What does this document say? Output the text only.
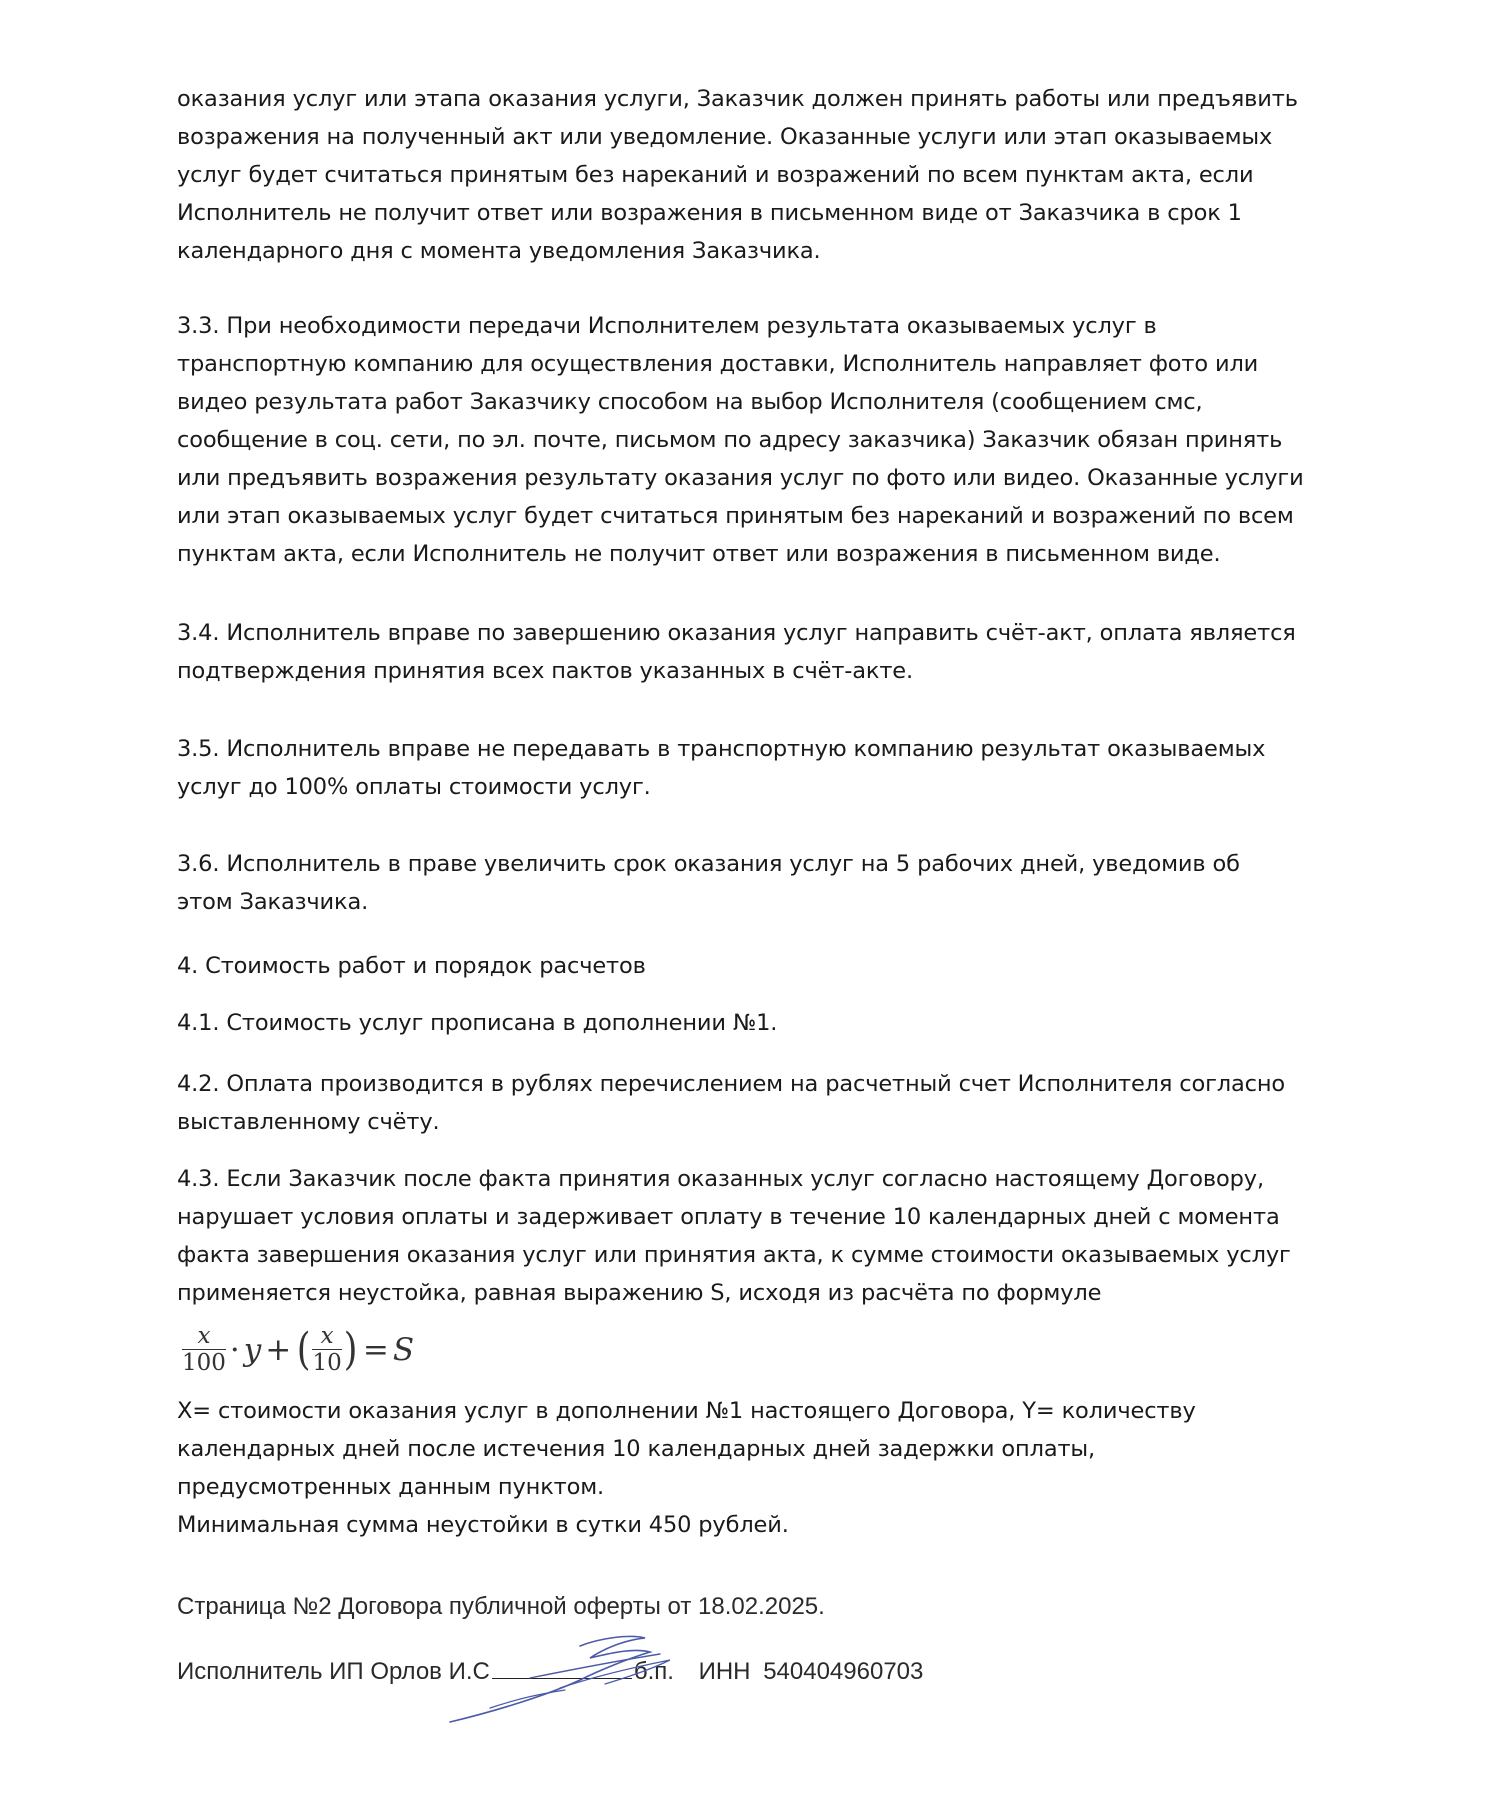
оказания услуг или этапа оказания услуги, Заказчик должен принять работы или предъявить
возражения на полученный акт или уведомление. Оказанные услуги или этап оказываемых
услуг будет считаться принятым без нареканий и возражений по всем пунктам акта, если
Исполнитель не получит ответ или возражения в письменном виде от Заказчика в срок 1
календарного дня с момента уведомления Заказчика.

3.3. При необходимости передачи Исполнителем результата оказываемых услуг в
транспортную компанию для осуществления доставки, Исполнитель направляет фото или
видео результата работ Заказчику способом на выбор Исполнителя (сообщением смс,
сообщение в соц. сети, по эл. почте, письмом по адресу заказчика) Заказчик обязан принять
или предъявить возражения результату оказания услуг по фото или видео. Оказанные услуги
или этап оказываемых услуг будет считаться принятым без нареканий и возражений по всем
пунктам акта, если Исполнитель не получит ответ или возражения в письменном виде.

3.4. Исполнитель вправе по завершению оказания услуг направить счёт-акт, оплата является
подтверждения принятия всех пактов указанных в счёт-акте.

3.5. Исполнитель вправе не передавать в транспортную компанию результат оказываемых
услуг до 100% оплаты стоимости услуг.

3.6. Исполнитель в праве увеличить срок оказания услуг на 5 рабочих дней, уведомив об
этом Заказчика.

4. Стоимость работ и порядок расчетов

4.1. Стоимость услуг прописана в дополнении №1.

4.2. Оплата производится в рублях перечислением на расчетный счет Исполнителя согласно
выставленному счёту.

4.3. Если Заказчик после факта принятия оказанных услуг согласно настоящему Договору,
нарушает условия оплаты и задерживает оплату в течение 10 календарных дней с момента
факта завершения оказания услуг или принятия акта, к сумме стоимости оказываемых услуг
применяется неустойка, равная выражению S, исходя из расчёта по формуле

$\frac{x}{100} \cdot y$ + ( $\frac{x}{10}$ ) = S

X= стоимости оказания услуг в дополнении №1 настоящего Договора, Y= количеству
календарных дней после истечения 10 календарных дней задержки оплаты,
предусмотренных данным пунктом.
Минимальная сумма неустойки в сутки 450 рублей.

Страница №2 Договора публичной оферты от 18.02.2025.
Исполнитель ИП Орлов И.С	б.п. ИНН 540404960703
